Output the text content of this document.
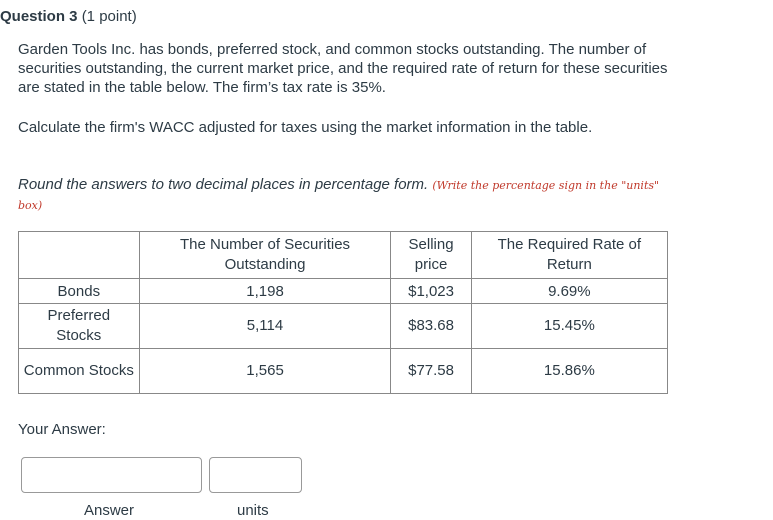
Question 3 (1 point)
Garden Tools Inc. has bonds, preferred stock, and common stocks outstanding. The number of securities outstanding, the current market price, and the required rate of return for these securities are stated in the table below. The firm’s tax rate is 35%.
Calculate the firm's WACC adjusted for taxes using the market information in the table.
Round the answers to two decimal places in percentage form. (Write the percentage sign in the "units" box)
	The Number of Securities Outstanding	Selling price	The Required Rate of Return
Bonds	1,198	$1,023	9.69%
Preferred Stocks	5,114	$83.68	15.45%
Common Stocks	1,565	$77.58	15.86%
Your Answer:
Answer	units
